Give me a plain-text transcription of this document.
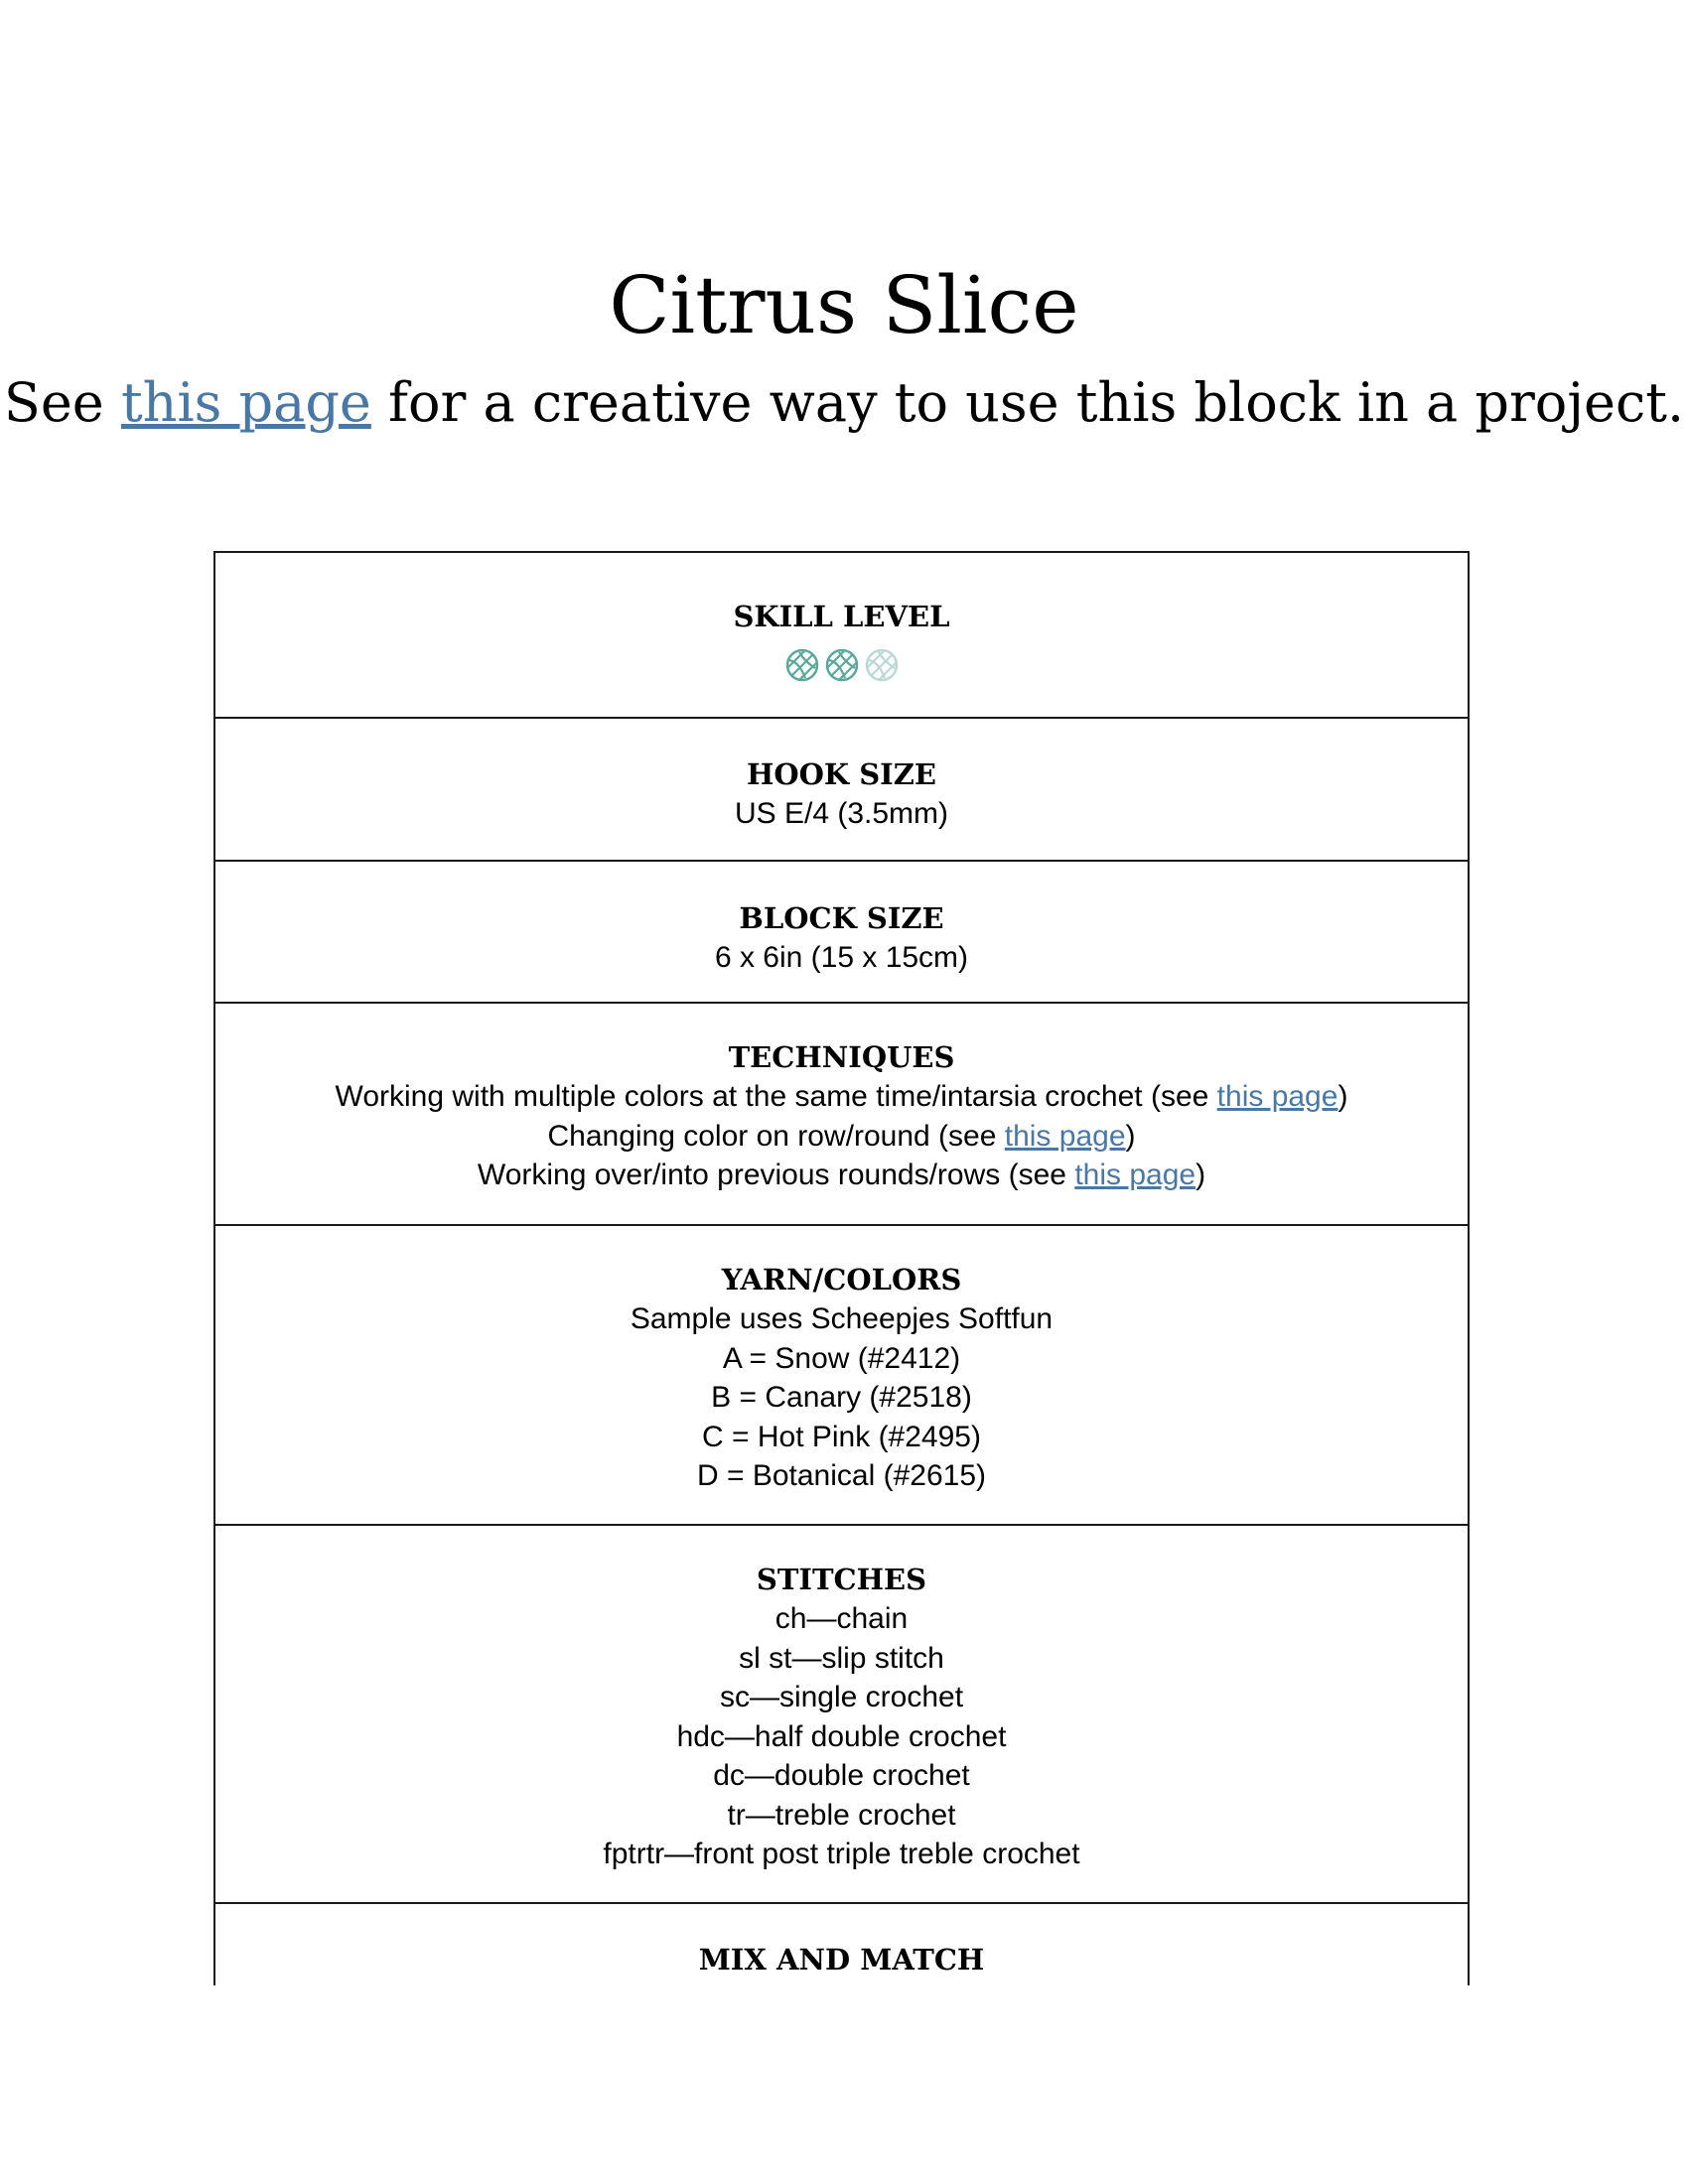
Citrus Slice

See this page for a creative way to use this block in a project.

SKILL LEVEL
HOOK SIZE
US E/4 (3.5mm)
BLOCK SIZE
6 x 6in (15 x 15cm)
TECHNIQUES
Working with multiple colors at the same time/intarsia crochet (see this page)
Changing color on row/round (see this page)
Working over/into previous rounds/rows (see this page)
YARN/COLORS
Sample uses Scheepjes Softfun
A = Snow (#2412)
B = Canary (#2518)
C = Hot Pink (#2495)
D = Botanical (#2615)
STITCHES
ch—chain
sl st—slip stitch
sc—single crochet
hdc—half double crochet
dc—double crochet
tr—treble crochet
fptrtr—front post triple treble crochet
MIX AND MATCH
